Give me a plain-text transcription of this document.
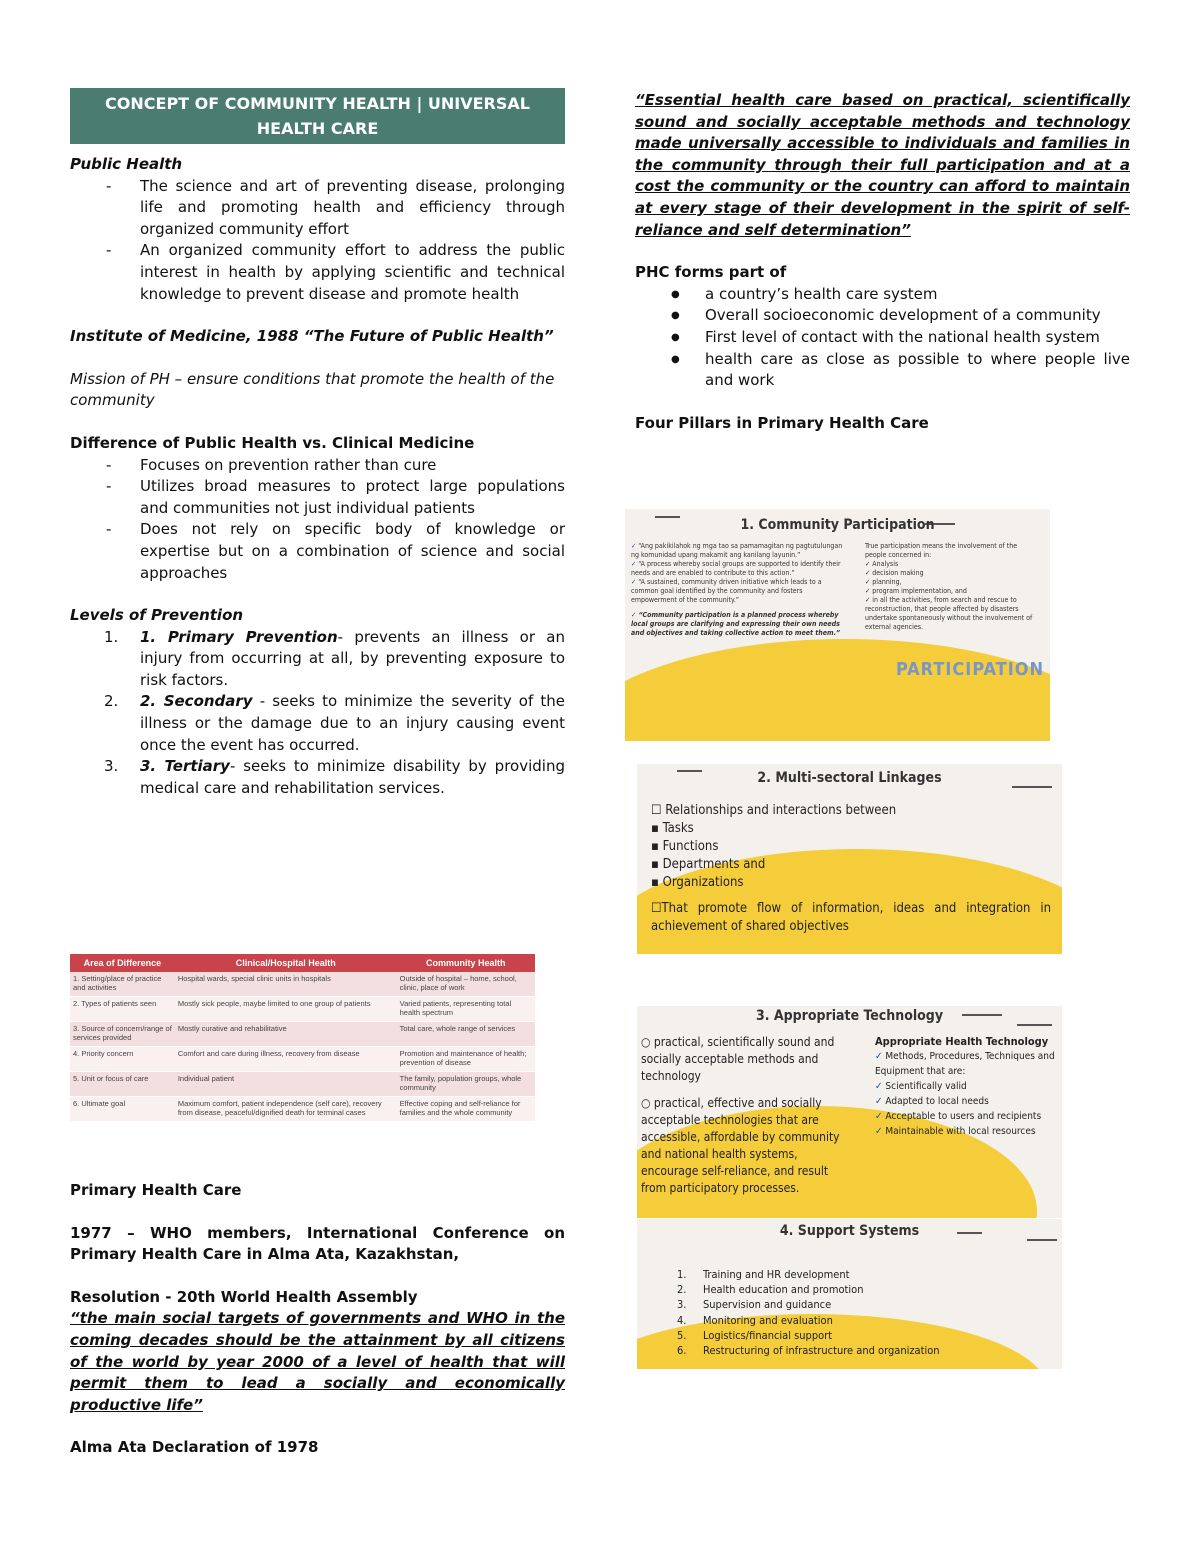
CONCEPT OF COMMUNITY HEALTH | UNIVERSAL HEALTH CARE

Public Health

- The science and art of preventing disease, prolonging life and promoting health and efficiency through organized community effort
- An organized community effort to address the public interest in health by applying scientific and technical knowledge to prevent disease and promote health

Institute of Medicine, 1988 “The Future of Public Health”

Mission of PH – ensure conditions that promote the health of the community

Difference of Public Health vs. Clinical Medicine

- Focuses on prevention rather than cure
- Utilizes broad measures to protect large populations and communities not just individual patients
- Does not rely on specific body of knowledge or expertise but on a combination of science and social approaches

Levels of Prevention

1. 1. Primary Prevention- prevents an illness or an injury from occurring at all, by preventing exposure to risk factors.
2. 2. Secondary - seeks to minimize the severity of the illness or the damage due to an injury causing event once the event has occurred.
3. 3. Tertiary- seeks to minimize disability by providing medical care and rehabilitation services.
Area of Difference	Clinical/Hospital Health	Community Health
1. Setting/place of practice and activities	Hospital wards, special clinic units in hospitals	Outside of hospital – home, school, clinic, place of work
2. Types of patients seen	Mostly sick people, maybe limited to one group of patients	Varied patients, representing total health spectrum
3. Source of concern/range of services provided	Mostly curative and rehabilitative	Total care, whole range of services
4. Priority concern	Comfort and care during illness, recovery from disease	Promotion and maintenance of health; prevention of disease
5. Unit or focus of care	Individual patient	The family, population groups, whole community
6. Ultimate goal	Maximum comfort, patient independence (self care), recovery from disease, peaceful/dignified death for terminal cases	Effective coping and self-reliance for families and the whole community

Primary Health Care

1977 – WHO members, International Conference on Primary Health Care in Alma Ata, Kazakhstan,

Resolution - 20th World Health Assembly

“the main social targets of governments and WHO in the coming decades should be the attainment by all citizens of the world by year 2000 of a level of health that will permit them to lead a socially and economically productive life”

Alma Ata Declaration of 1978

“Essential health care based on practical, scientifically sound and socially acceptable methods and technology made universally accessible to individuals and families in the community through their full participation and at a cost the community or the country can afford to maintain at every stage of their development in the spirit of self-reliance and self determination”

PHC forms part of

● a country’s health care system
● Overall socioeconomic development of a community
● First level of contact with the national health system
● health care as close as possible to where people live and work

Four Pillars in Primary Health Care

1. Community Participation
✓ “Ang pakikilahok ng mga tao sa pamamagitan ng pagtutulungan ng komunidad upang makamit ang kanilang layunin.”
✓ “A process whereby social groups are supported to identify their needs and are enabled to contribute to this action.”
✓ “A sustained, community driven initiative which leads to a common goal identified by the community and fosters empowerment of the community.”
✓ “Community participation is a planned process whereby local groups are clarifying and expressing their own needs and objectives and taking collective action to meet them.”
True participation means the involvement of the people concerned in:
✓ Analysis
✓ decision making
✓ planning,
✓ program implementation, and
✓ in all the activities, from search and rescue to reconstruction, that people affected by disasters undertake spontaneously without the involvement of external agencies.
PARTICIPATION
2. Multi-sectoral Linkages
☐ Relationships and interactions between
▪ Tasks
▪ Functions
▪ Departments and
▪ Organizations
☐That promote flow of information, ideas and integration in achievement of shared objectives
3. Appropriate Technology
○ practical, scientifically sound and socially acceptable methods and technology
○ practical, effective and socially acceptable technologies that are accessible, affordable by community and national health systems, encourage self-reliance, and result from participatory processes.
Appropriate Health Technology
✓ Methods, Procedures, Techniques and Equipment that are:
✓ Scientifically valid
✓ Adapted to local needs
✓ Acceptable to users and recipients
✓ Maintainable with local resources
4. Support Systems
1. Training and HR development
2. Health education and promotion
3. Supervision and guidance
4. Monitoring and evaluation
5. Logistics/financial support
6. Restructuring of infrastructure and organization
